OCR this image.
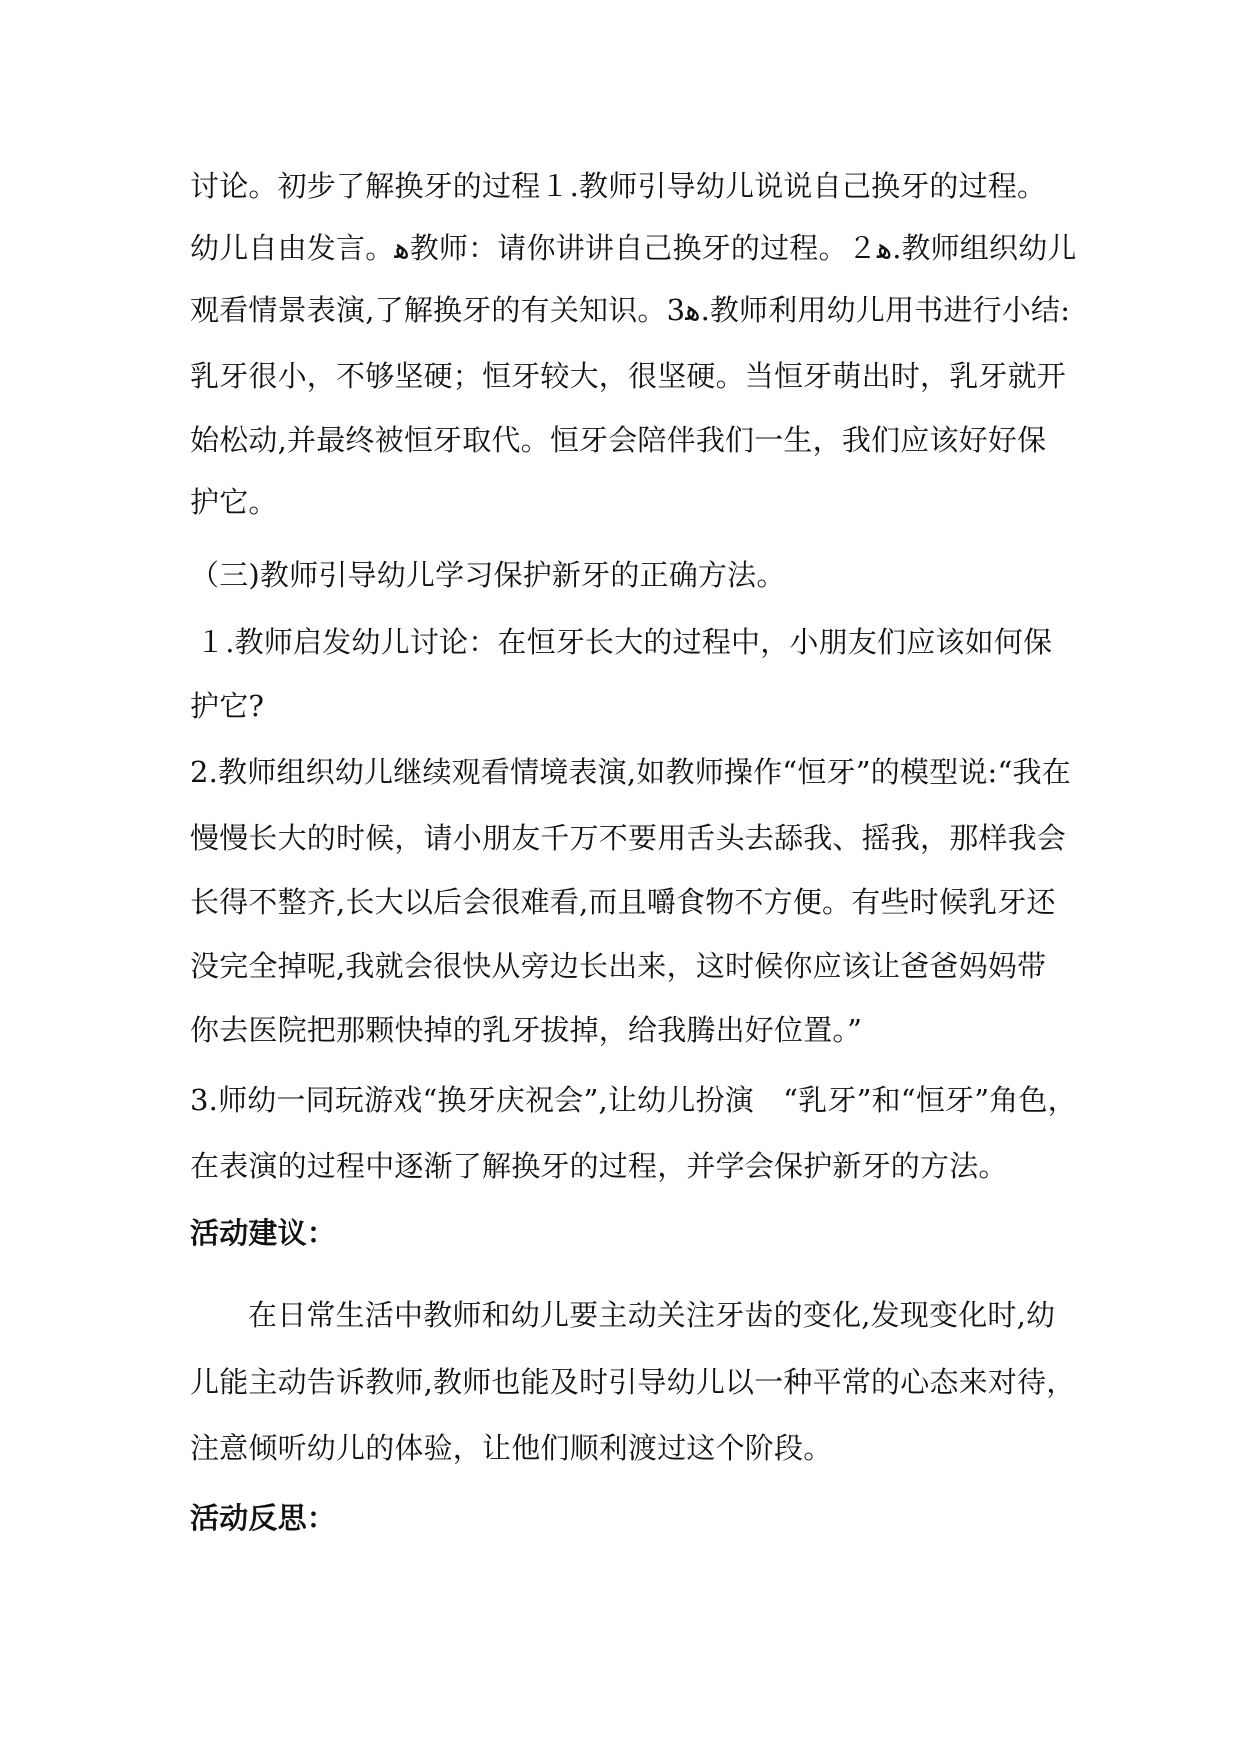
讨论。初步了解换牙的过程１.教师引导幼儿说说自己换牙的过程。
幼儿自由发言。ﻫ教师：请你讲讲自己换牙的过程。２ﻫ.教师组织幼儿
观看情景表演,了解换牙的有关知识。3ﻫ.教师利用幼儿用书进行小结:
乳牙很小，不够坚硬；恒牙较大，很坚硬。当恒牙萌出时，乳牙就开
始松动,并最终被恒牙取代。恒牙会陪伴我们一生，我们应该好好保
护它。
（三)教师引导幼儿学习保护新牙的正确方法。
１.教师启发幼儿讨论：在恒牙长大的过程中，小朋友们应该如何保
护它?
2.教师组织幼儿继续观看情境表演,如教师操作“恒牙”的模型说:“我在
慢慢长大的时候，请小朋友千万不要用舌头去舔我、摇我，那样我会
长得不整齐,长大以后会很难看,而且嚼食物不方便。有些时候乳牙还
没完全掉呢,我就会很快从旁边长出来，这时候你应该让爸爸妈妈带
你去医院把那颗快掉的乳牙拔掉，给我腾出好位置。”
3.师幼一同玩游戏“换牙庆祝会”,让幼儿扮演　“乳牙”和“恒牙”角色，
在表演的过程中逐渐了解换牙的过程，并学会保护新牙的方法。
活动建议：
在日常生活中教师和幼儿要主动关注牙齿的变化,发现变化时,幼
儿能主动告诉教师,教师也能及时引导幼儿以一种平常的心态来对待，
注意倾听幼儿的体验，让他们顺利渡过这个阶段。
活动反思：
